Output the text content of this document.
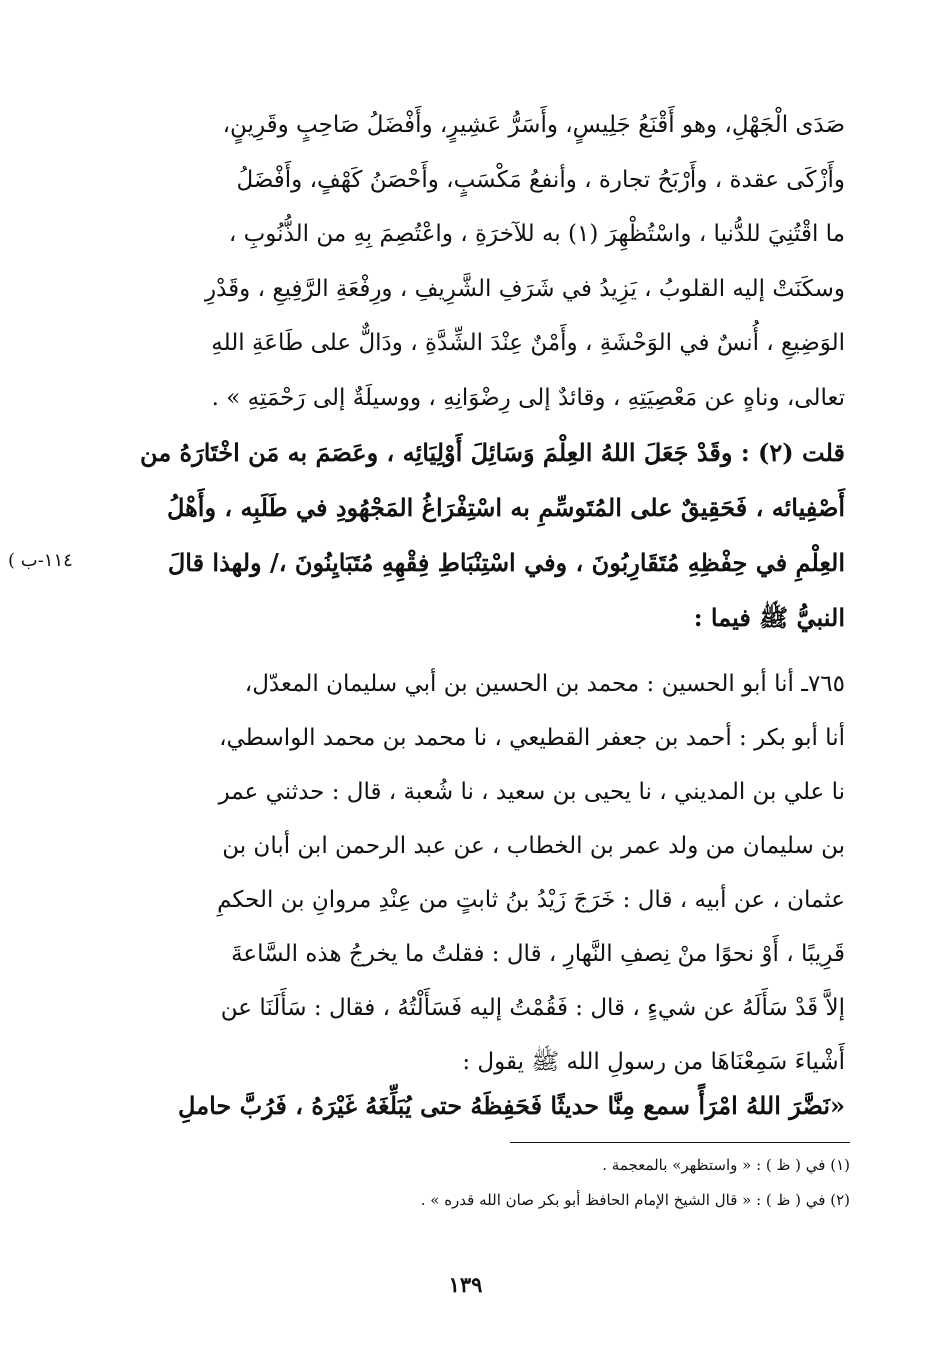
صَدَى الْجَهْلِ، وهو أَقْنَعُ جَلِيسٍ، وأَسَرُّ عَشِيرٍ، وأَفْضَلُ صَاحِبٍ وقَرِينٍ،
وأَزْكَى عقدة ، وأَرْبَحُ تجارة ، وأنفعُ مَكْسَبٍ، وأَحْصَنُ كَهْفٍ، وأَفْضَلُ
ما اقْتُنِيَ للدُّنيا ، واسْتُظْهِرَ (١) به للآخرَةِ ، واعْتُصِمَ بِهِ من الذُّنُوبِ ،
وسكَنَتْ إليه القلوبُ ، يَزِيدُ في شَرَفِ الشَّرِيفِ ، ورِفْعَةِ الرَّفِيعِ ، وقَدْرِ
الوَضِيعِ ، أُنسٌ في الوَحْشَةِ ، وأَمْنٌ عِنْدَ الشِّدَّةِ ، ودَالٌّ على طَاعَةِ اللهِ
تعالى، وناهٍ عن مَعْصِيَتِهِ ، وقائدٌ إلى رِضْوَانِهِ ، ووسيلَةٌ إلى رَحْمَتِهِ » .
قلت (٢) : وقَدْ جَعَلَ اللهُ العِلْمَ وَسَائِلَ أَوْلِيَائِه ، وعَصَمَ به مَن اخْتَارَهُ من
أَصْفِيائه ، فَحَقِيقٌ على المُتَوسِّمِ به اسْتِفْرَاغُ المَجْهُودِ في طَلَبِه ، وأَهْلُ
العِلْمِ في حِفْظِهِ مُتَقَارِبُونَ ، وفي اسْتِنْبَاطِ فِقْهِهِ مُتَبَايِنُونَ ،/ ولهذا قالَ
النبيُّ ﷺ فيما :
( ١١٤-ب
٧٦٥ـ أنا أبو الحسين : محمد بن الحسين بن أبي سليمان المعدّل،
أنا أبو بكر : أحمد بن جعفر القطيعي ، نا محمد بن محمد الواسطي،
نا علي بن المديني ، نا يحيى بن سعيد ، نا شُعبة ، قال : حدثني عمر
بن سليمان من ولد عمر بن الخطاب ، عن عبد الرحمن ابن أبان بن
عثمان ، عن أبيه ، قال : خَرَجَ زَيْدُ بنُ ثابتٍ من عِنْدِ مروانِ بن الحكمِ
قَرِيبًا ، أَوْ نحوًا منْ نِصفِ النَّهارِ ، قال : فقلتُ ما يخرجُ هذه السَّاعةَ
إلاَّ قَدْ سَأَلَهُ عن شيءٍ ، قال : فَقُمْتُ إليه فَسَأَلْتُهُ ، فقال : سَأَلَنَا عن
أَشْياءَ سَمِعْنَاهَا من رسولِ الله ﷺ يقول :
«نَضَّرَ اللهُ امْرَأً سمع مِنَّا حديثًا فَحَفِظَهُ حتى يُبَلِّغَهُ غَيْرَهُ ، فَرُبَّ حاملِ
(١) في ( ظ ) : « واستظهر» بالمعجمة .
(٢) في ( ظ ) : « قال الشيخ الإمام الحافظ أبو بكر صان الله قدره » .
١٣٩
